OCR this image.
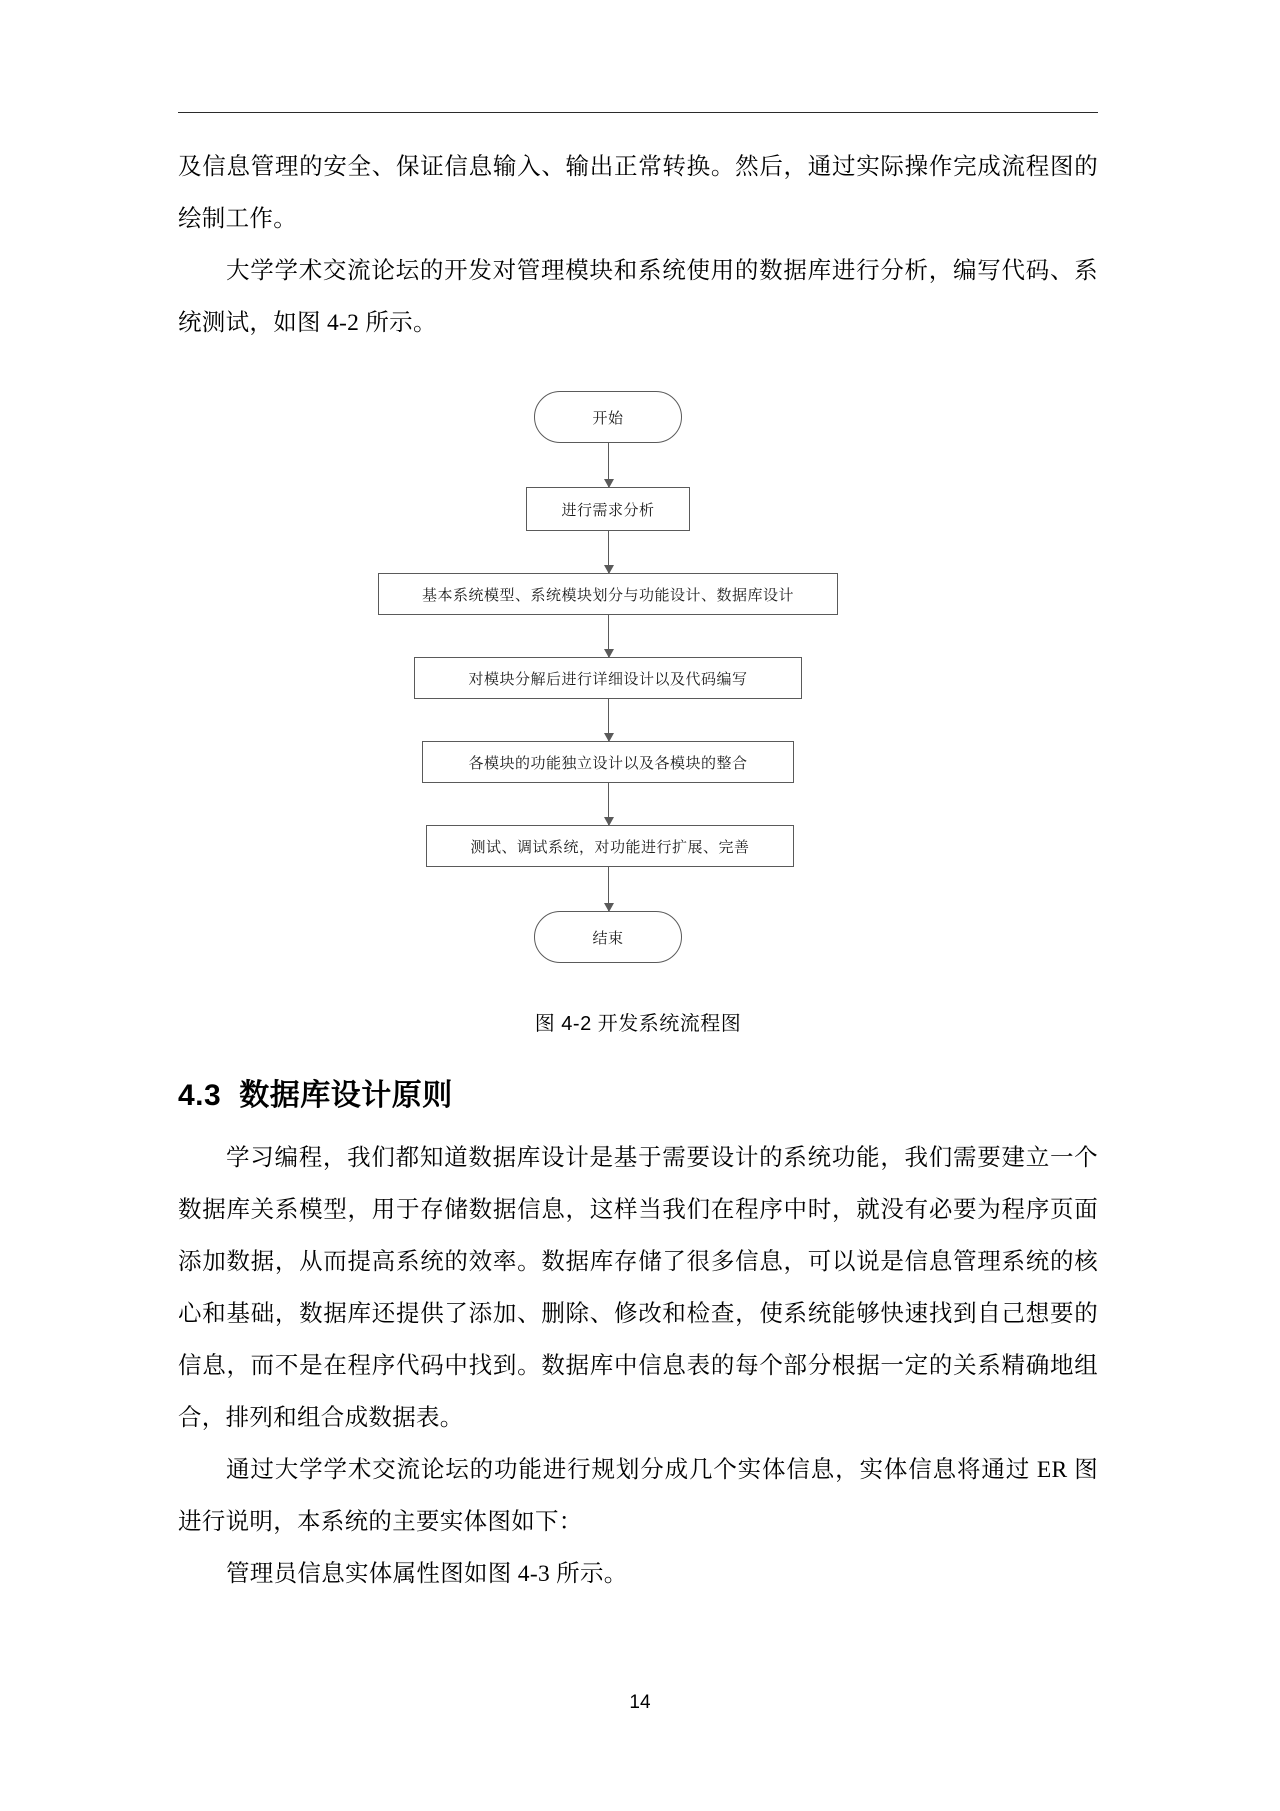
及信息管理的安全、保证信息输入、输出正常转换。然后，通过实际操作完成流程图的绘制工作。

大学学术交流论坛的开发对管理模块和系统使用的数据库进行分析，编写代码、系统测试，如图 4-2 所示。

开始
进行需求分析
基本系统模型、系统模块划分与功能设计、数据库设计
对模块分解后进行详细设计以及代码编写
各模块的功能独立设计以及各模块的整合
测试、调试系统，对功能进行扩展、完善
结束

图 4-2 开发系统流程图

4.3 数据库设计原则

学习编程，我们都知道数据库设计是基于需要设计的系统功能，我们需要建立一个数据库关系模型，用于存储数据信息，这样当我们在程序中时，就没有必要为程序页面添加数据，从而提高系统的效率。数据库存储了很多信息，可以说是信息管理系统的核心和基础，数据库还提供了添加、删除、修改和检查，使系统能够快速找到自己想要的信息，而不是在程序代码中找到。数据库中信息表的每个部分根据一定的关系精确地组合，排列和组合成数据表。

通过大学学术交流论坛的功能进行规划分成几个实体信息，实体信息将通过 ER 图进行说明，本系统的主要实体图如下：

管理员信息实体属性图如图 4-3 所示。

14
